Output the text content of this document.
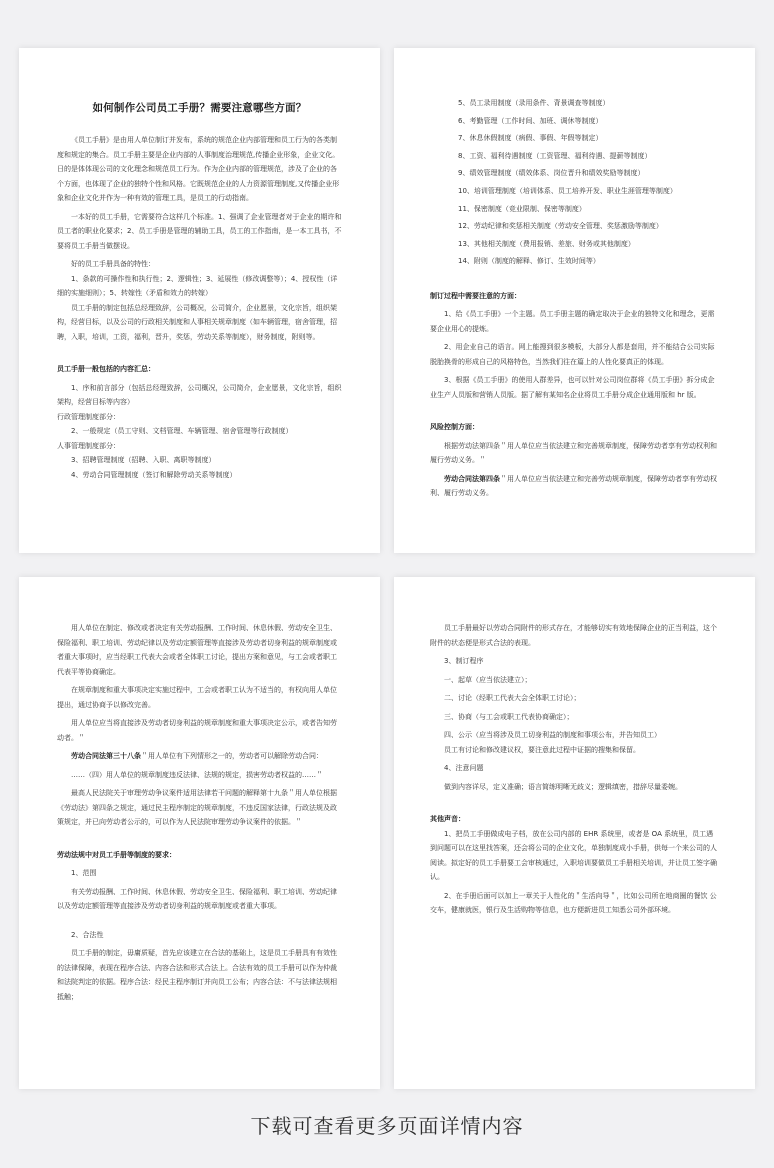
如何制作公司员工手册？需要注意哪些方面？

《员工手册》是由用人单位制订并发布，系统的规范企业内部管理和员工行为的各类制度和规定的集合。员工手册主要是企业内部的人事制度治理规范,传播企业形象，企业文化。日的是体体现公司的文化理念和规范员工行为。作为企业内部的管理规范，涉及了企业的各个方面，也体现了企业的独特个性和风格。它既规范企业的人力资源管理制度,又传播企业形象和企业文化并作为一种有效的管理工具，是员工的行动指南。

一本好的员工手册，它需要符合这样几个标准。1、强调了企业管理者对于企业的期许和员工者的职业化要求；2、员工手册是管理的辅助工具，员工的工作指南，是一本工具书，不要将员工手册当做摆设。

好的员工手册具备的特性：

1、条款的可操作性和执行性；2、逻辑性；3、延展性（修改调整等）；4、授权性（详细的实施细则）；5、转嫁性（矛盾和效力的转嫁）

员工手册的制定包括总经理致辞，公司概况，公司简介，企业愿景，文化宗旨，组织架构，经营目标，以及公司的行政相关制度和人事相关规章制度（如车辆管理，宿舍管理，招聘，入职，培训，工资，福利，晋升，奖惩，劳动关系等制度），财务制度，附则等。

员工手册一般包括的内容汇总：

1、序和前言部分（包括总经理致辞，公司概况，公司简介，企业愿景，文化宗旨，组织架构，经营目标等内容）

行政管理制度部分：

2、一般规定（员工守则、文档管理、车辆管理、宿舍管理等行政制度）

人事管理制度部分：

3、招聘管理制度（招聘、入职、离职等制度）

4、劳动合同管理制度（签订和解除劳动关系等制度）

5、员工录用制度（录用条件、背景调查等制度）

6、考勤管理（工作时间、加班、调休等制度）

7、休息休假制度（病假、事假、年假等制定）

8、工资、福利待遇制度（工资管理、福利待遇、提薪等制度）

9、绩效管理制度（绩效体系、岗位晋升和绩效奖励等制度）

10、培训管理制度（培训体系、员工培养开发、职业生涯管理等制度）

11、保密制度（竞业限制、保密等制度）

12、劳动纪律和奖惩相关制度（劳动安全管理、奖惩激励等制度）

13、其他相关制度（费用报销、差旅、财务或其他制度）

14、附则（制度的解释、修订、生效时间等）

制订过程中需要注意的方面：

1、给《员工手册》一个主题。员工手册主题的确定取决于企业的独特文化和理念，更需要企业用心的提炼。

2、用企业自己的语言。网上能搜到很多模板，大部分人都是套用，并不能结合公司实际脱胎换骨的形成自己的风格特色，当然我们往在篇上的人性化要真正的体现。

3、根据《员工手册》的使用人群差异，也可以针对公司岗位群将《员工手册》拆分成企业生产人员版和营销人员版。据了解有某知名企业将员工手册分成企业通用版和 hr 版。

风险控制方面：

根据劳动法第四条＂用人单位应当依法建立和完善规章制度，保障劳动者享有劳动权利和履行劳动义务。＂

劳动合同法第四条＂用人单位应当依法建立和完善劳动规章制度，保障劳动者享有劳动权利、履行劳动义务。

用人单位在制定、修改或者决定有关劳动报酬、工作时间、休息休假、劳动安全卫生、保险福利、职工培训、劳动纪律以及劳动定额管理等直接涉及劳动者切身利益的规章制度或者重大事项时，应当经职工代表大会或者全体职工讨论，提出方案和意见，与工会或者职工代表平等协商确定。

在规章制度和重大事项决定实施过程中，工会或者职工认为不适当的，有权向用人单位提出，通过协商予以修改完善。

用人单位应当将直接涉及劳动者切身利益的规章制度和重大事项决定公示，或者告知劳动者。＂

劳动合同法第三十八条＂用人单位有下列情形之一的，劳动者可以解除劳动合同：

……（四）用人单位的规章制度违反法律、法规的规定，损害劳动者权益的……＂

最高人民法院关于审理劳动争议案件适用法律若干问题的解释第十九条＂用人单位根据《劳动法》第四条之规定，通过民主程序制定的规章制度，不违反国家法律，行政法规及政策规定，并已向劳动者公示的，可以作为人民法院审理劳动争议案件的依据。＂

劳动法规中对员工手册等制度的要求：

1、范围

有关劳动报酬、工作时间、休息休假、劳动安全卫生、保险福利、职工培训、劳动纪律以及劳动定额管理等直接涉及劳动者切身利益的规章制度或者重大事项。

2、合法性

员工手册的制定，毋庸质疑，首先应该建立在合法的基础上，这是员工手册具有有效性的法律保障，表现在程序合法、内容合法和形式合法上。合法有效的员工手册可以作为仲裁和法院判定的依据。程序合法：经民主程序制订并向员工公布；内容合法：不与法律法规相抵触；

员工手册最好以劳动合同附件的形式存在，才能够切实有效地保障企业的正当利益，这个附件的状态便是形式合法的表现。

3、制订程序

一、起草（应当依法建立）；

二、讨论（经职工代表大会全体职工讨论）；

三、协商（与工会或职工代表协商确定）；

四、公示（应当将涉及员工切身利益的制度和事项公布，并告知员工）

员工有讨论和修改建议权，要注意此过程中证据的搜集和保留。

4、注意问题

做到内容详尽，定义准确；语言简练明晰无歧义；逻辑缜密，措辞尽量委婉。

其他声音：

1、把员工手册做成电子档，放在公司内部的 EHR 系统里，或者是 OA 系统里，员工遇到问题可以在这里找答案，还会将公司的企业文化，单独制度成小手册，供每一个来公司的人阅读。拟定好的员工手册要工会审核通过，入职培训要做员工手册相关培训，并让员工签字确认。

2、在手册后面可以加上一章关于人性化的＂生活向导＂，比如公司所在地商圈的餐饮 公交车，健康就医，银行及生活购物等信息，也方便新进员工知悉公司外部环境。

下载可查看更多页面详情内容
